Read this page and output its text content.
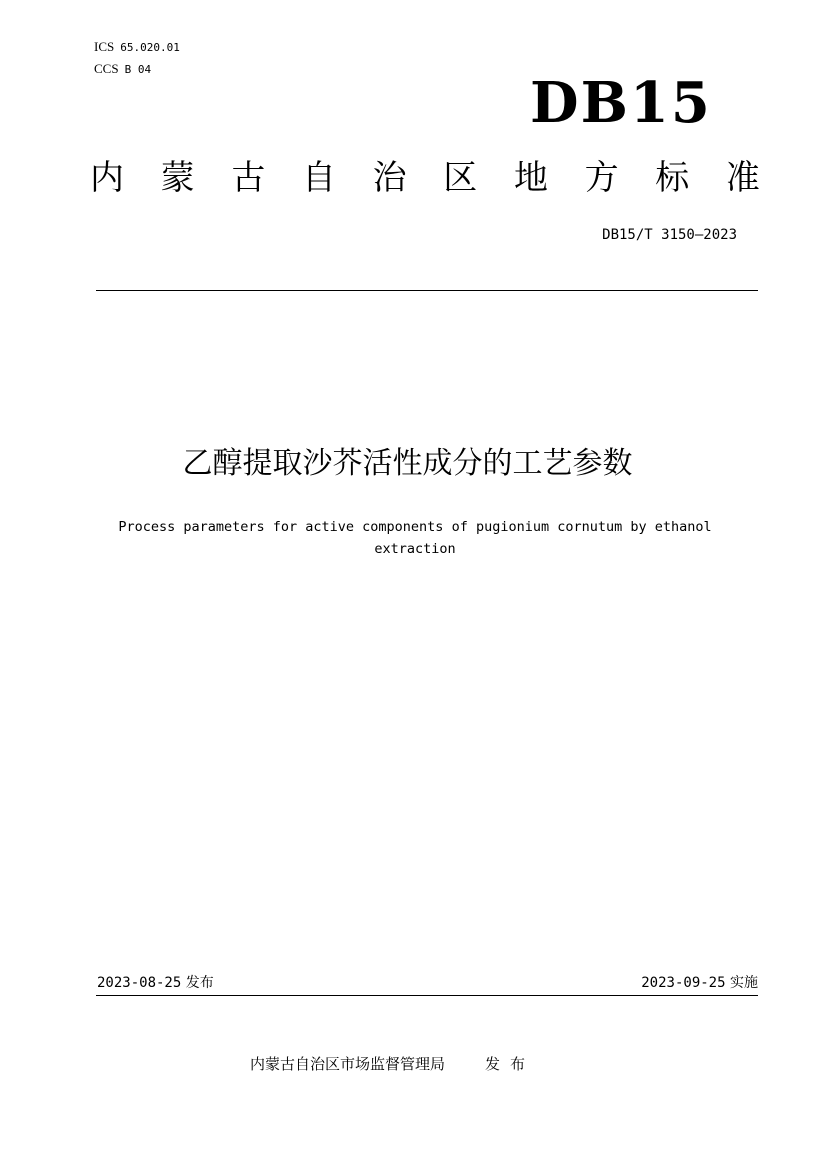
ICS 65.020.01
CCS B 04
DB15
内 蒙 古 自 治 区 地 方 标 准
DB15/T 3150—2023
乙醇提取沙芥活性成分的工艺参数
Process parameters for active components of pugionium cornutum by ethanol extraction
2023-08-25 发布	2023-09-25 实施
内蒙古自治区市场监督管理局	发布
